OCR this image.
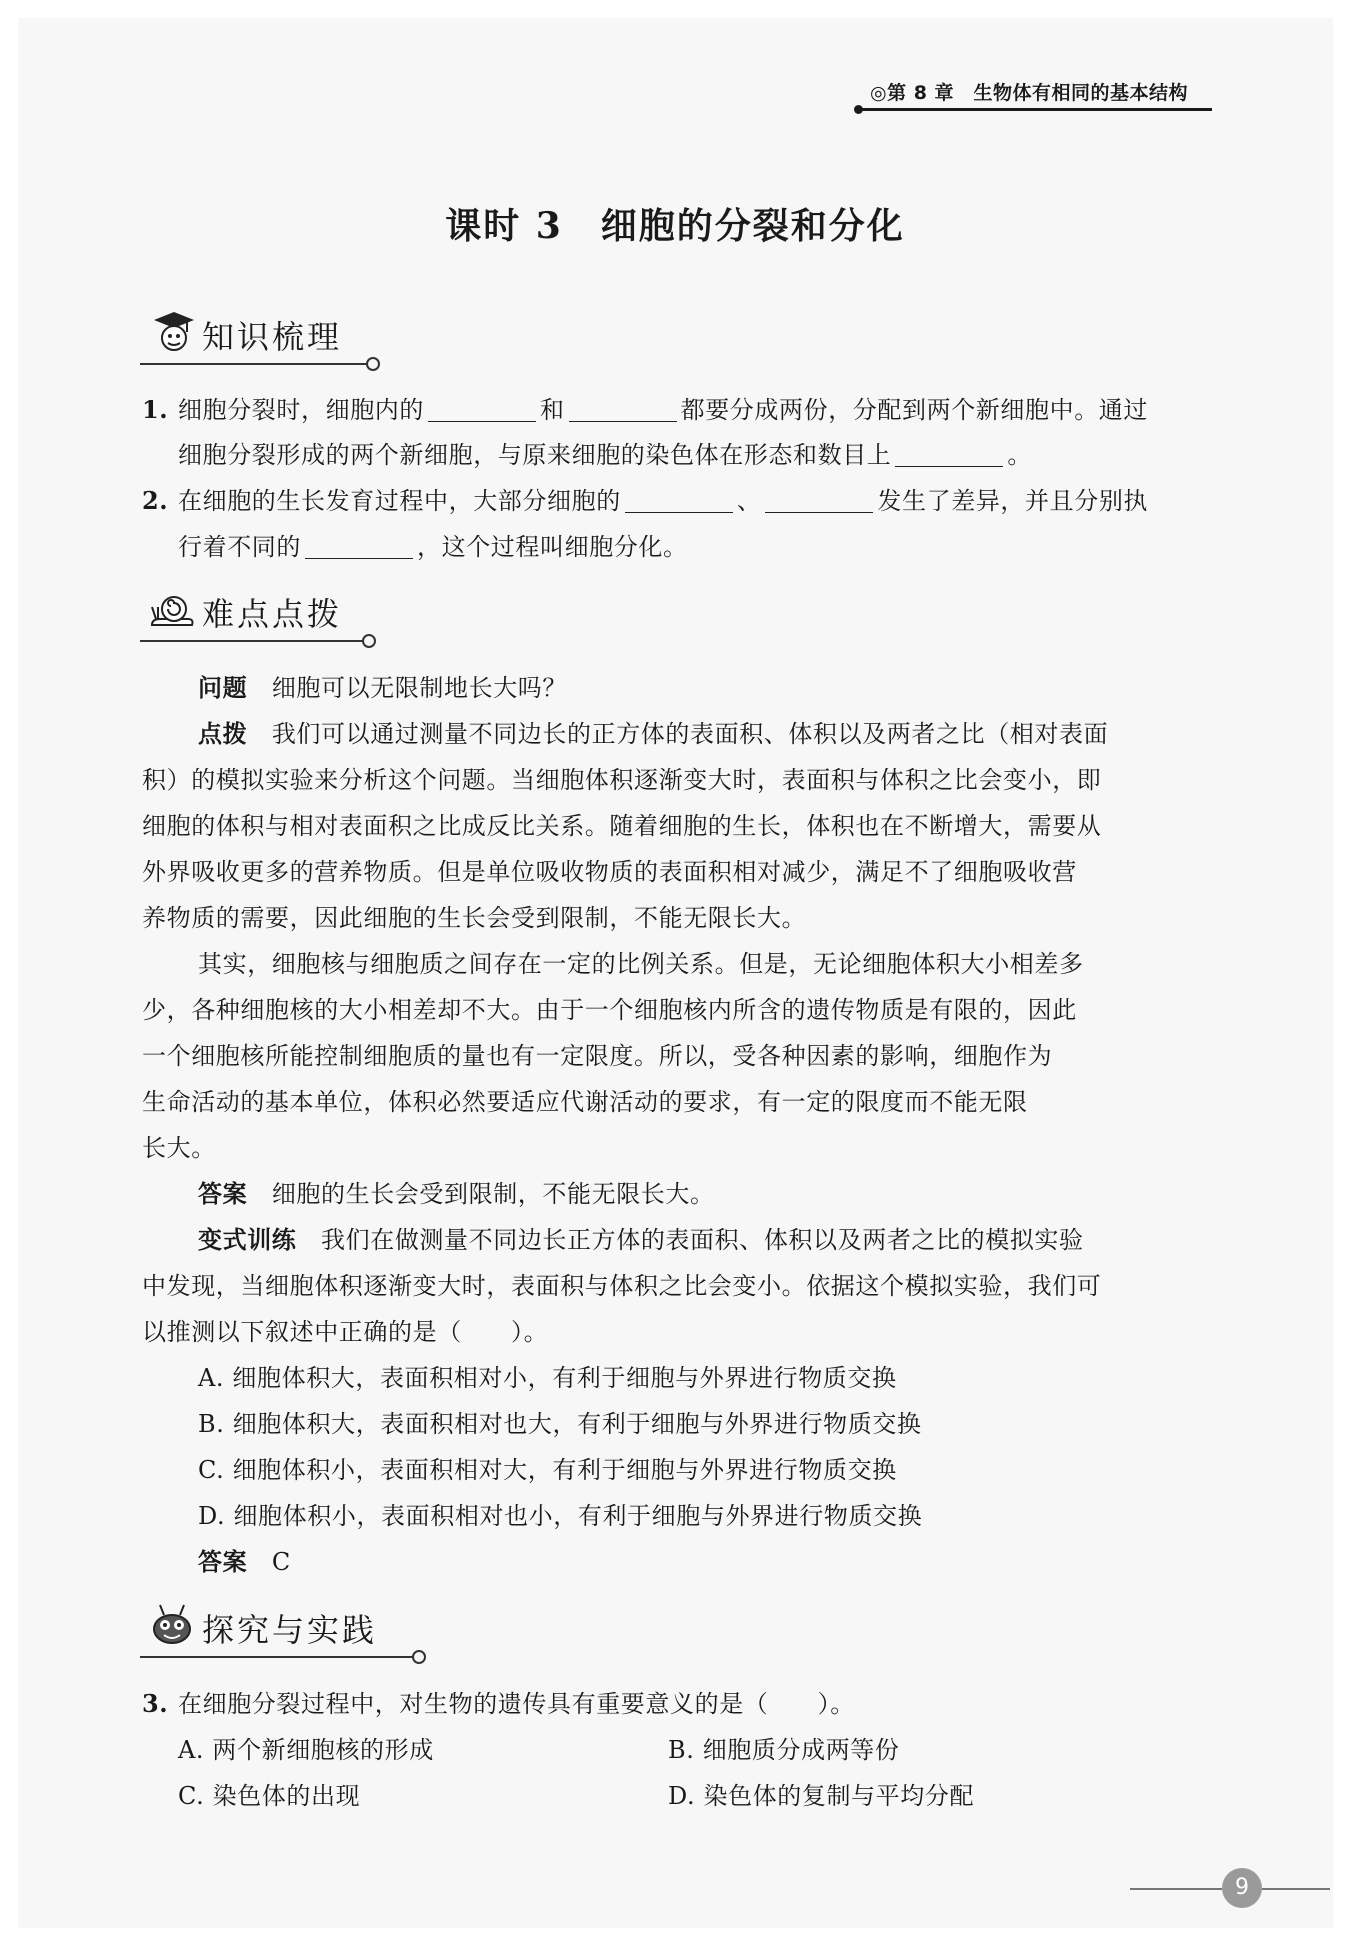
◎第 8 章　生物体有相同的基本结构
课时 3　细胞的分裂和分化
知识梳理
1. 细胞分裂时，细胞内的	和	都要分成两份，分配到两个新细胞中。通过
细胞分裂形成的两个新细胞，与原来细胞的染色体在形态和数目上	。
2. 在细胞的生长发育过程中，大部分细胞的	、	发生了差异，并且分别执
行着不同的	，这个过程叫细胞分化。
难点点拨
问题　 细胞可以无限制地长大吗？
点拨　 我们可以通过测量不同边长的正方体的表面积、体积以及两者之比（相对表面
积）的模拟实验来分析这个问题。当细胞体积逐渐变大时，表面积与体积之比会变小，即
细胞的体积与相对表面积之比成反比关系。随着细胞的生长，体积也在不断增大，需要从
外界吸收更多的营养物质。但是单位吸收物质的表面积相对减少，满足不了细胞吸收营
养物质的需要，因此细胞的生长会受到限制，不能无限长大。
其实，细胞核与细胞质之间存在一定的比例关系。但是，无论细胞体积大小相差多
少，各种细胞核的大小相差却不大。由于一个细胞核内所含的遗传物质是有限的，因此
一个细胞核所能控制细胞质的量也有一定限度。所以，受各种因素的影响，细胞作为
生命活动的基本单位，体积必然要适应代谢活动的要求，有一定的限度而不能无限
长大。
答案　 细胞的生长会受到限制，不能无限长大。
变式训练　 我们在做测量不同边长正方体的表面积、体积以及两者之比的模拟实验
中发现，当细胞体积逐渐变大时，表面积与体积之比会变小。依据这个模拟实验，我们可
以推测以下叙述中正确的是（　　）。
A. 细胞体积大，表面积相对小，有利于细胞与外界进行物质交换
B. 细胞体积大，表面积相对也大，有利于细胞与外界进行物质交换
C. 细胞体积小，表面积相对大，有利于细胞与外界进行物质交换
D. 细胞体积小，表面积相对也小，有利于细胞与外界进行物质交换
答案　 C
探究与实践
3. 在细胞分裂过程中，对生物的遗传具有重要意义的是（　　）。
A. 两个新细胞核的形成	B. 细胞质分成两等份
C. 染色体的出现	D. 染色体的复制与平均分配
9
